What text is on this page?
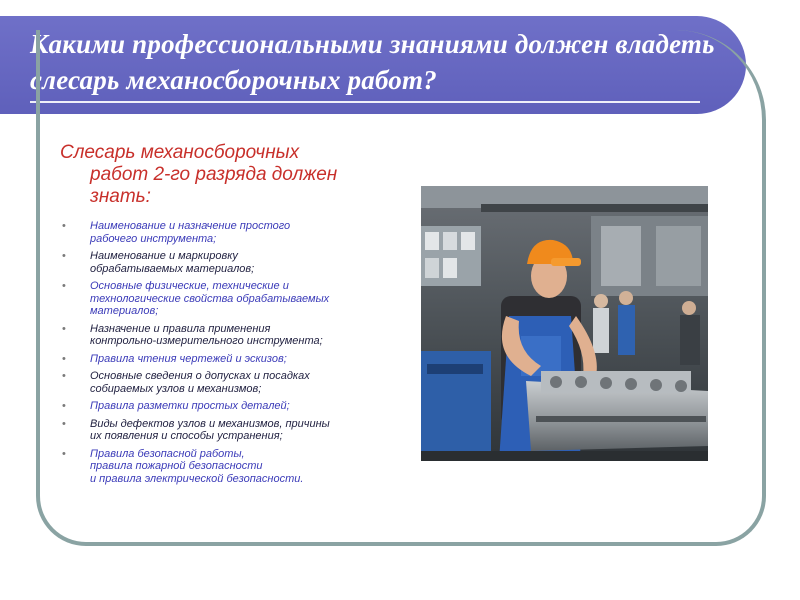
Какими профессиональными знаниями должен владеть слесарь механосборочных работ?
Слесарь механосборочных
работ 2-го разряда должен
знать:
• Наименование и назначение простого
рабочего инструмента;
• Наименование и маркировку
обрабатываемых материалов;
• Основные физические, технические и
технологические свойства обрабатываемых
материалов;
• Назначение и правила применения
контрольно-измерительного инструмента;
• Правила чтения чертежей и эскизов;
• Основные сведения о допусках и посадках
собираемых узлов и механизмов;
• Правила разметки простых деталей;
• Виды дефектов узлов и механизмов, причины
их появления и способы устранения;
• Правила безопасной работы,
правила пожарной безопасности
и правила электрической безопасности.
